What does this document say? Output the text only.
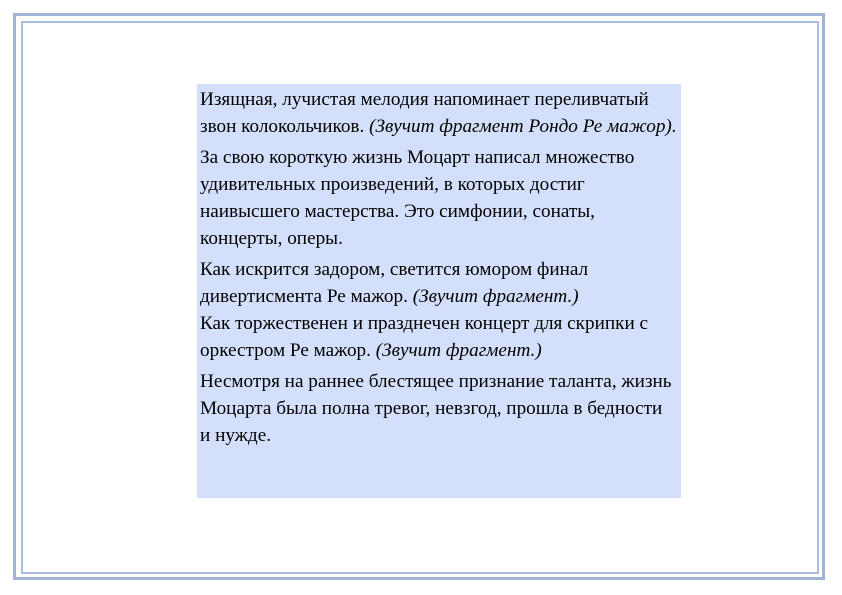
Изящная, лучистая мелодия напоминает переливчатый звон колокольчиков. (Звучит фрагмент Рондо Ре мажор).

За свою короткую жизнь Моцарт написал множество удивительных произведений, в которых достиг наивысшего мастерства. Это симфонии, сонаты, концерты, оперы.

Как искрится задором, светится юмором финал дивертисмента Ре мажор. (Звучит фрагмент.)

Как торжественен и празднечен концерт для скрипки с оркестром Ре мажор. (Звучит фрагмент.)

Несмотря на раннее блестящее признание таланта, жизнь Моцарта была полна тревог, невзгод, прошла в бедности и нужде.
